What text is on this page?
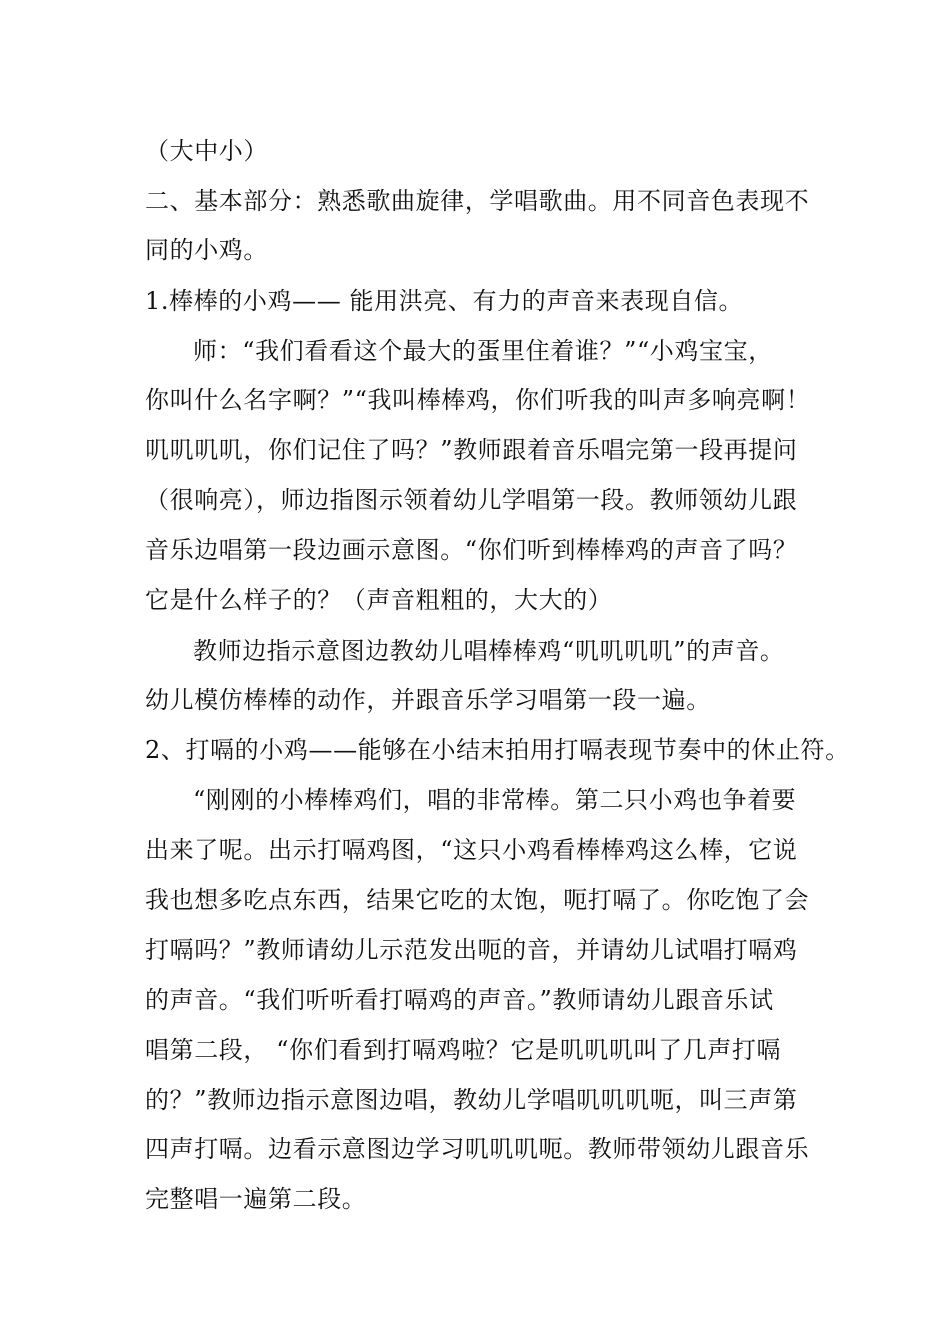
（大中小）

二、基本部分：熟悉歌曲旋律，学唱歌曲。用不同音色表现不

同的小鸡。

1.棒棒的小鸡—— 能用洪亮、有力的声音来表现自信。

师：“我们看看这个最大的蛋里住着谁？”“小鸡宝宝，

你叫什么名字啊？”“我叫棒棒鸡，你们听我的叫声多响亮啊！

叽叽叽叽，你们记住了吗？”教师跟着音乐唱完第一段再提问

（很响亮），师边指图示领着幼儿学唱第一段。教师领幼儿跟

音乐边唱第一段边画示意图。“你们听到棒棒鸡的声音了吗？

它是什么样子的？（声音粗粗的，大大的）

教师边指示意图边教幼儿唱棒棒鸡“叽叽叽叽”的声音。

幼儿模仿棒棒的动作，并跟音乐学习唱第一段一遍。

2、打嗝的小鸡——能够在小结末拍用打嗝表现节奏中的休止符。

“刚刚的小棒棒鸡们，唱的非常棒。第二只小鸡也争着要

出来了呢。出示打嗝鸡图，“这只小鸡看棒棒鸡这么棒，它说

我也想多吃点东西，结果它吃的太饱，呃打嗝了。你吃饱了会

打嗝吗？”教师请幼儿示范发出呃的音，并请幼儿试唱打嗝鸡

的声音。“我们听听看打嗝鸡的声音。”教师请幼儿跟音乐试

唱第二段， “你们看到打嗝鸡啦？它是叽叽叽叫了几声打嗝

的？”教师边指示意图边唱，教幼儿学唱叽叽叽呃，叫三声第

四声打嗝。边看示意图边学习叽叽叽呃。教师带领幼儿跟音乐

完整唱一遍第二段。
